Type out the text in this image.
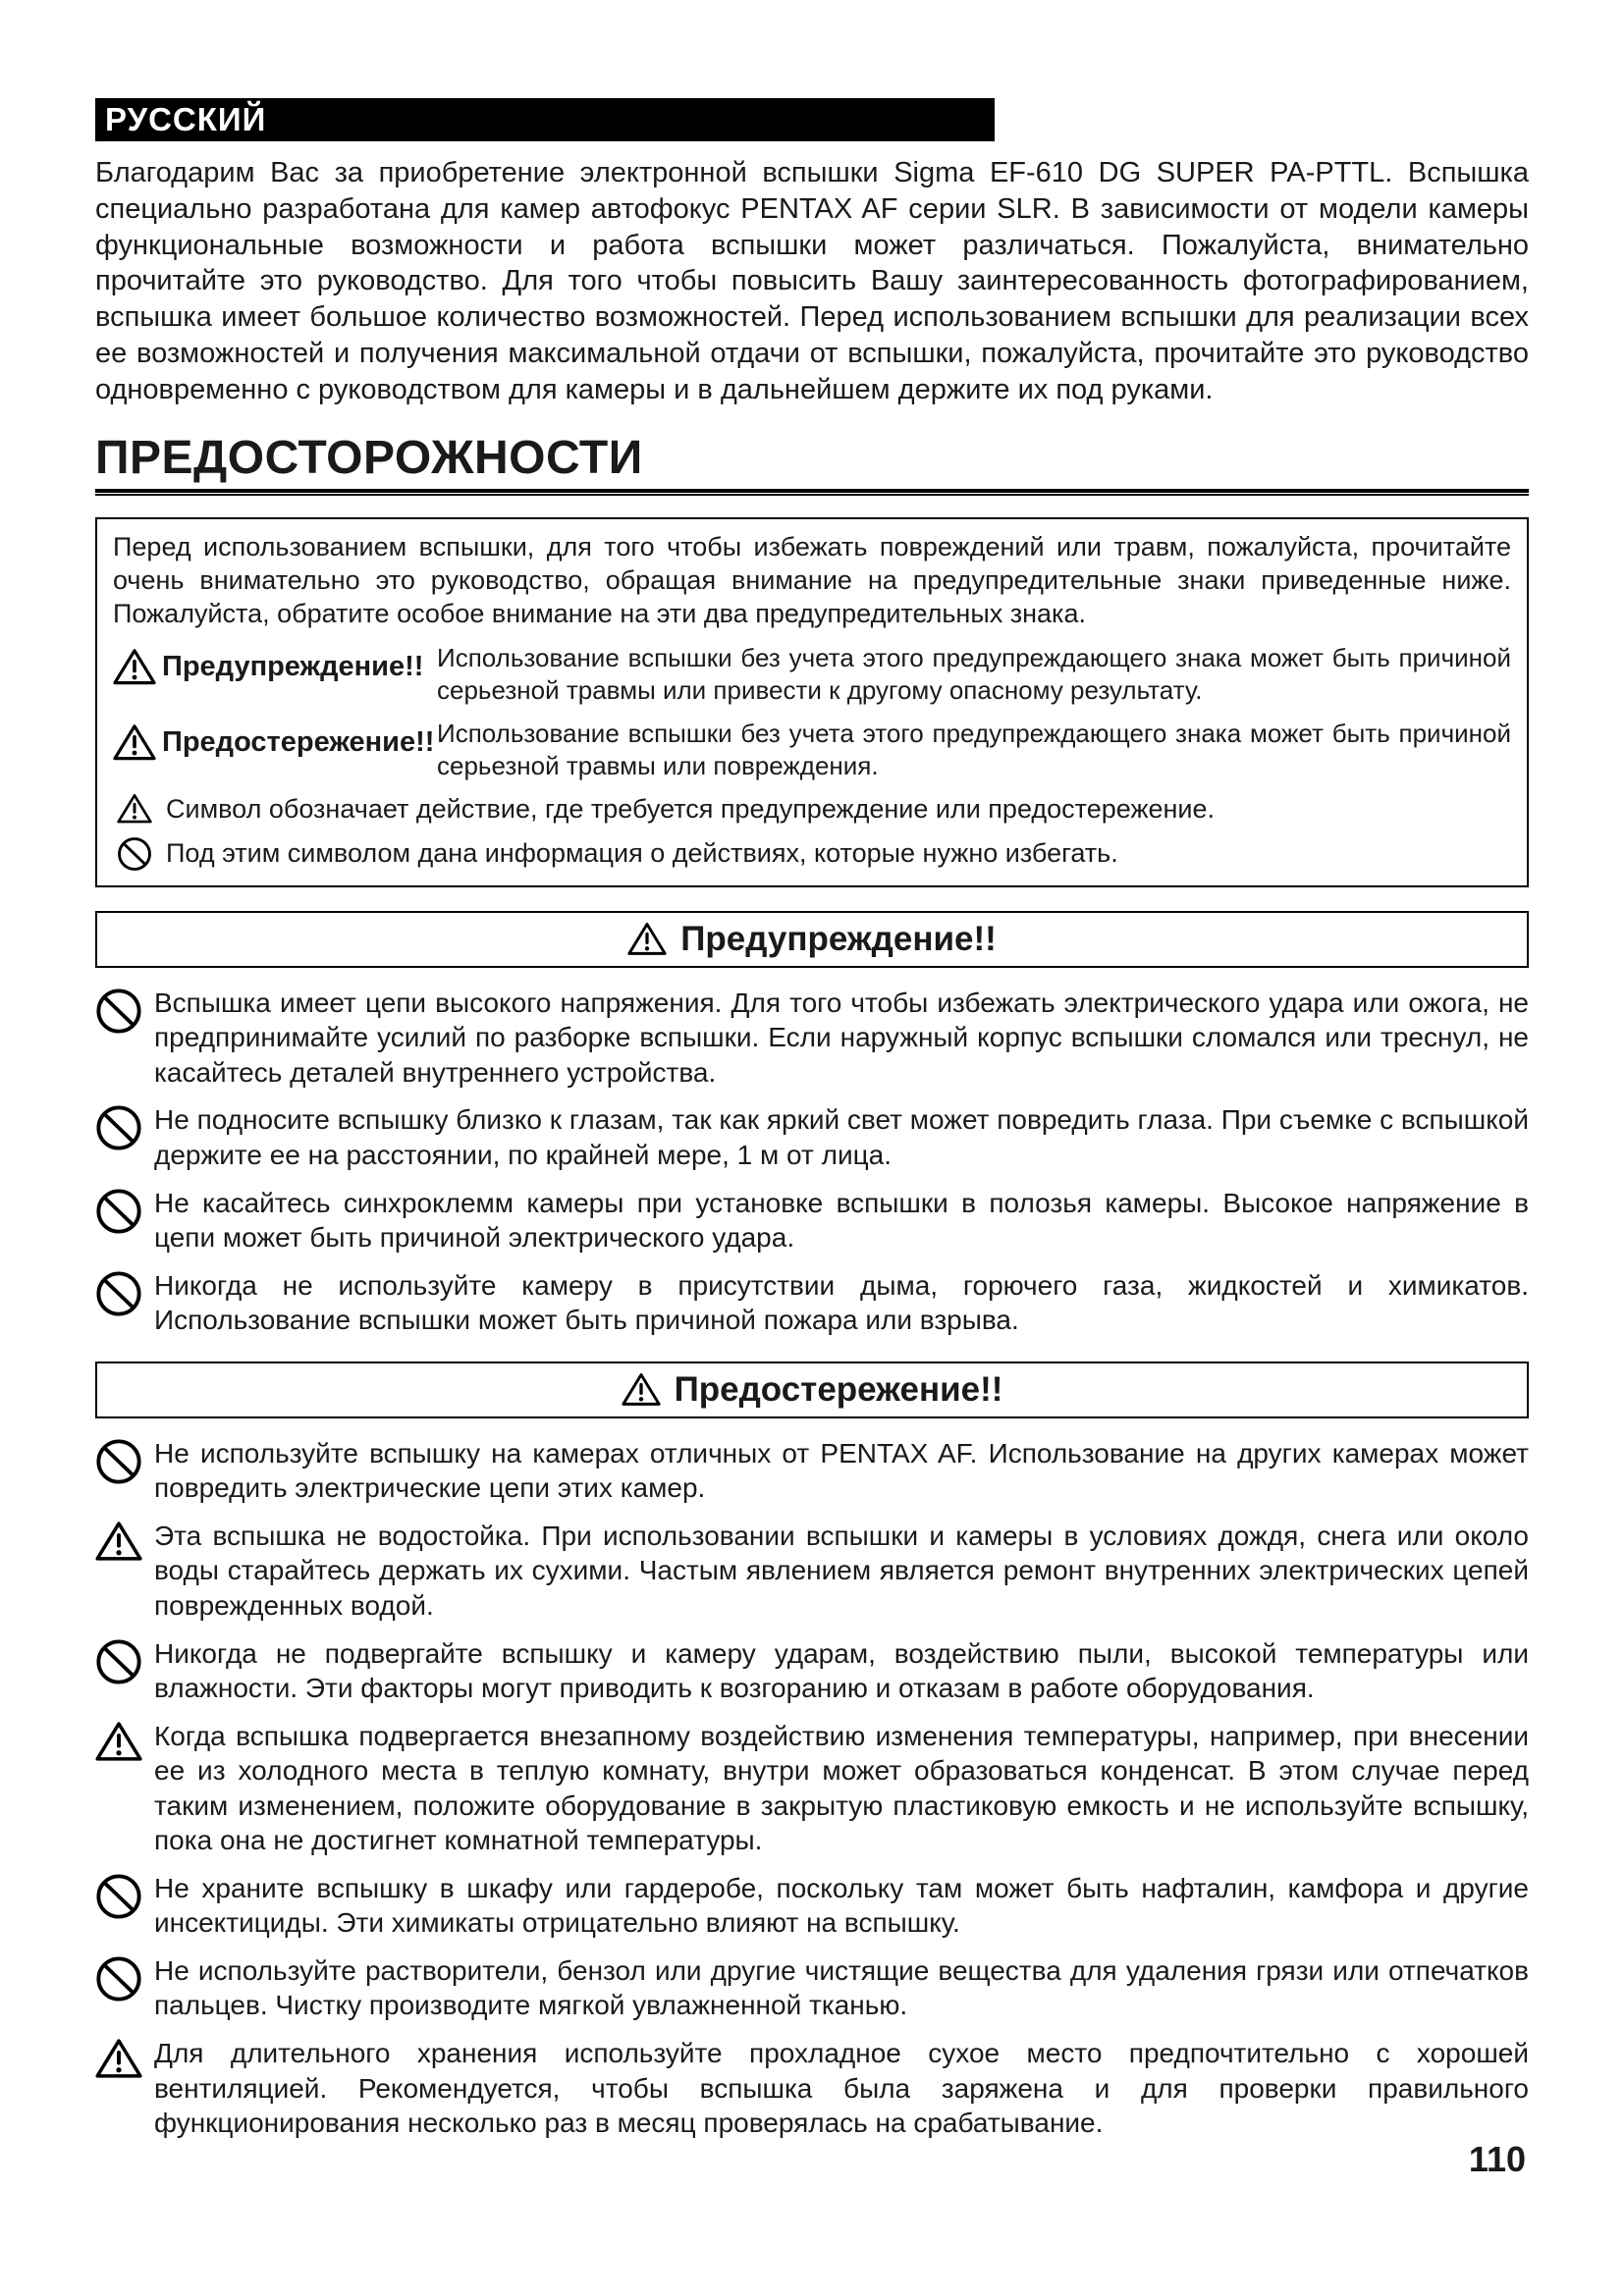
РУССКИЙ

Благодарим Вас за приобретение электронной вспышки Sigma EF-610 DG SUPER PA-PTTL. Вспышка специально разработана для камер автофокус PENTAX AF серии SLR. В зависимости от модели камеры функциональные возможности и работа вспышки может различаться. Пожалуйста, внимательно прочитайте это руководство. Для того чтобы повысить Вашу заинтересованность фотографированием, вспышка имеет большое количество возможностей. Перед использованием вспышки для реализации всех ее возможностей и получения максимальной отдачи от вспышки, пожалуйста, прочитайте это руководство одновременно с руководством для камеры и в дальнейшем держите их под руками.

ПРЕДОСТОРОЖНОСТИ

Перед использованием вспышки, для того чтобы избежать повреждений или травм, пожалуйста, прочитайте очень внимательно это руководство, обращая внимание на предупредительные знаки приведенные ниже. Пожалуйста, обратите особое внимание на эти два предупредительных знака.

Предупреждение!! Использование вспышки без учета этого предупреждающего знака может быть причиной серьезной травмы или привести к другому опасному результату.

Предостережение!! Использование вспышки без учета этого предупреждающего знака может быть причиной серьезной травмы или повреждения.

Символ обозначает действие, где требуется предупреждение или предостережение.
Под этим символом дана информация о действиях, которые нужно избегать.
Предупреждение!!

Вспышка имеет цепи высокого напряжения. Для того чтобы избежать электрического удара или ожога, не предпринимайте усилий по разборке вспышки. Если наружный корпус вспышки сломался или треснул, не касайтесь деталей внутреннего устройства.

Не подносите вспышку близко к глазам, так как яркий свет может повредить глаза. При съемке с вспышкой держите ее на расстоянии, по крайней мере, 1 м от лица.

Не касайтесь синхроклемм камеры при установке вспышки в полозья камеры. Высокое напряжение в цепи может быть причиной электрического удара.

Никогда не используйте камеру в присутствии дыма, горючего газа, жидкостей и химикатов. Использование вспышки может быть причиной пожара или взрыва.

Предостережение!!

Не используйте вспышку на камерах отличных от PENTAX AF. Использование на других камерах может повредить электрические цепи этих камер.

Эта вспышка не водостойка. При использовании вспышки и камеры в условиях дождя, снега или около воды старайтесь держать их сухими. Частым явлением является ремонт внутренних электрических цепей поврежденных водой.

Никогда не подвергайте вспышку и камеру ударам, воздействию пыли, высокой температуры или влажности. Эти факторы могут приводить к возгоранию и отказам в работе оборудования.

Когда вспышка подвергается внезапному воздействию изменения температуры, например, при внесении ее из холодного места в теплую комнату, внутри может образоваться конденсат. В этом случае перед таким изменением, положите оборудование в закрытую пластиковую емкость и не используйте вспышку, пока она не достигнет комнатной температуры.

Не храните вспышку в шкафу или гардеробе, поскольку там может быть нафталин, камфора и другие инсектициды. Эти химикаты отрицательно влияют на вспышку.

Не используйте растворители, бензол или другие чистящие вещества для удаления грязи или отпечатков пальцев. Чистку производите мягкой увлажненной тканью.

Для длительного хранения используйте прохладное сухое место предпочтительно с хорошей вентиляцией. Рекомендуется, чтобы вспышка была заряжена и для проверки правильного функционирования несколько раз в месяц проверялась на срабатывание.

110
